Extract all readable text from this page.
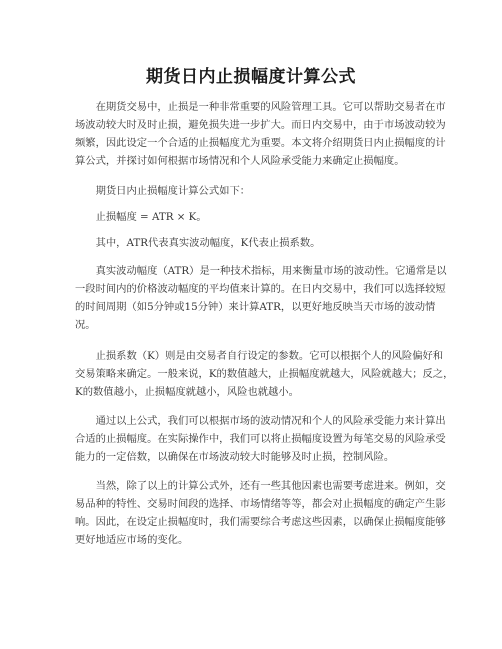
期货日内止损幅度计算公式
　　在期货交易中，止损是一种非常重要的风险管理工具。它可以帮助交易者在市
场波动较大时及时止损，避免损失进一步扩大。而日内交易中，由于市场波动较为
频繁，因此设定一个合适的止损幅度尤为重要。本文将介绍期货日内止损幅度的计
算公式，并探讨如何根据市场情况和个人风险承受能力来确定止损幅度。
　　期货日内止损幅度计算公式如下：
　　止损幅度 = ATR × K。
　　其中，ATR代表真实波动幅度，K代表止损系数。
　　真实波动幅度（ATR）是一种技术指标，用来衡量市场的波动性。它通常是以
一段时间内的价格波动幅度的平均值来计算的。在日内交易中，我们可以选择较短
的时间周期（如5分钟或15分钟）来计算ATR，以更好地反映当天市场的波动情
况。
　　止损系数（K）则是由交易者自行设定的参数。它可以根据个人的风险偏好和
交易策略来确定。一般来说，K的数值越大，止损幅度就越大，风险就越大；反之，
K的数值越小，止损幅度就越小，风险也就越小。
　　通过以上公式，我们可以根据市场的波动情况和个人的风险承受能力来计算出
合适的止损幅度。在实际操作中，我们可以将止损幅度设置为每笔交易的风险承受
能力的一定倍数，以确保在市场波动较大时能够及时止损，控制风险。
　　当然，除了以上的计算公式外，还有一些其他因素也需要考虑进来。例如，交
易品种的特性、交易时间段的选择、市场情绪等等，都会对止损幅度的确定产生影
响。因此，在设定止损幅度时，我们需要综合考虑这些因素，以确保止损幅度能够
更好地适应市场的变化。
